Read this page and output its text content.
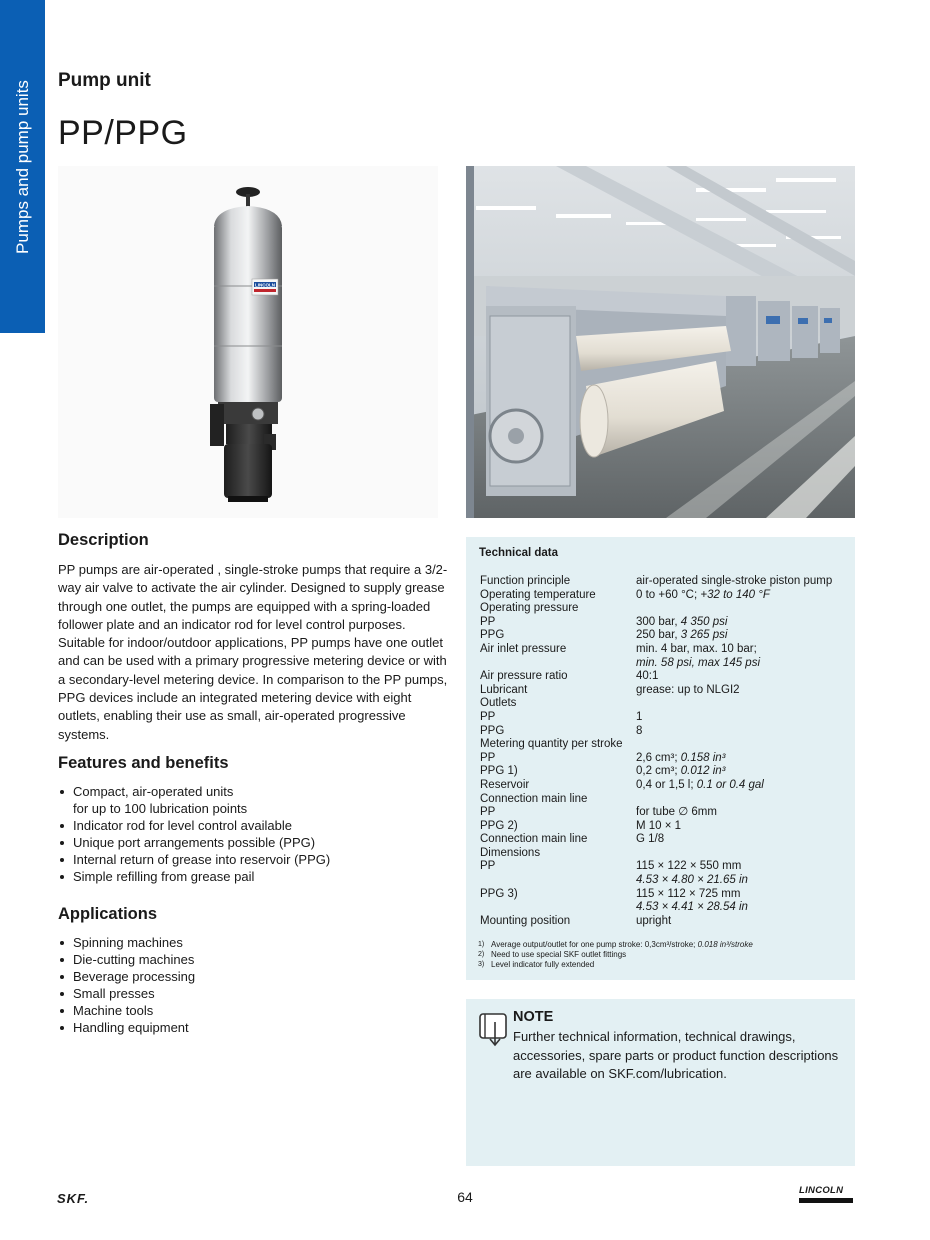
Pumps and pump units Pump unit
PP/PPG
LINCOLN
Description
PP pumps are air-operated , single-stroke pumps that require a 3/2-way air valve to activate the air cylinder. Designed to supply grease through one outlet, the pumps are equipped with a spring-loaded follower plate and an indicator rod for level control purposes. Suitable for indoor/outdoor applications, PP pumps have one outlet and can be used with a primary progressive metering device or with a secondary-level metering device. In comparison to the PP pumps, PPG devices include an integrated metering device with eight outlets, enabling their use as small, air-operated progressive systems.
Features and benefits
Compact, air-operated units
for up to 100 lubrication points
Indicator rod for level control available
Unique port arrangements possible (PPG)
Internal return of grease into reservoir (PPG)
Simple refilling from grease pail
Applications
Spinning machines
Die-cutting machines
Beverage processing
Small presses
Machine tools
Handling equipment
Technical data
Function principle	air-operated single-stroke piston pump
Operating temperature	0 to +60 °C; +32 to 140 °F
Operating pressure
PP	300 bar, 4 350 psi
PPG	250 bar, 3 265 psi
Air inlet pressure	min. 4 bar, max. 10 bar;
min. 58 psi, max 145 psi
Air pressure ratio	40:1
Lubricant	grease: up to NLGI2
Outlets
PP	1
PPG	8
Metering quantity per stroke
PP	2,6 cm³; 0.158 in³
PPG 1)	0,2 cm³; 0.012 in³
Reservoir	0,4 or 1,5 l; 0.1 or 0.4 gal
Connection main line
PP	for tube ∅ 6mm
PPG 2)	M 10 × 1
Connection main line	G 1/8
Dimensions
PP	115 × 122 × 550 mm
4.53 × 4.80 × 21.65 in
PPG 3)	115 × 112 × 725 mm
4.53 × 4.41 × 28.54 in
Mounting position	upright
1) Average output/outlet for one pump stroke: 0,3cm³/stroke; 0.018 in³/stroke
2) Need to use special SKF outlet fittings
3) Level indicator fully extended
NOTE
Further technical information, technical drawings, accessories, spare parts or product function descriptions are available on SKF.com/lubrication.
SKF.	64	LINCOLN
